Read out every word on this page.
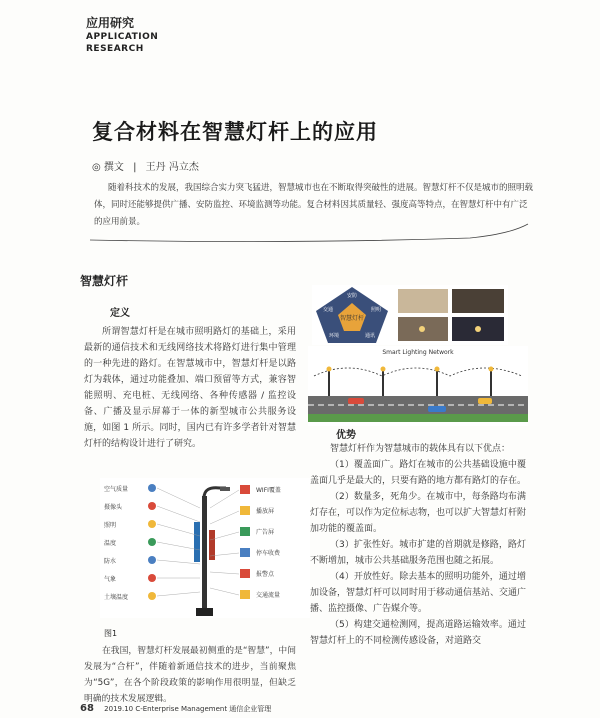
应用研究
APPLICATION
RESEARCH
复合材料在智慧灯杆上的应用
◎ 撰文 | 王丹 冯立杰
随着科技术的发展，我国综合实力突飞猛进，智慧城市也在不断取得突破性的进展。智慧灯杆不仅是城市的照明载体，同时还能够提供广播、安防监控、环境监测等功能。复合材料因其质量轻、强度高等特点，在智慧灯杆中有广泛的应用前景。
智慧灯杆
定义
所谓智慧灯杆是在城市照明路灯的基础上，采用最新的通信技术和无线网络技术将路灯进行集中管理的一种先进的路灯。在智慧城市中，智慧灯杆是以路灯为载体，通过功能叠加、端口预留等方式，兼容智能照明、充电桩、无线网络、各种传感器 / 监控设备、广播及显示屏幕于一体的新型城市公共服务设施，如图 1 所示。同时，国内已有许多学者针对智慧灯杆的结构设计进行了研究。
空气质量
摄像头
照明
温度
防水
气象
土壤温度
WIFI覆盖
播放屏
广告屏
停车收费
报警点
交通流量
图1
在我国，智慧灯杆发展最初侧重的是“智慧”，中间发展为“合杆”，伴随着新通信技术的进步，当前聚焦为“5G”，在各个阶段政策的影响作用很明显，但缺乏明确的技术发展逻辑。
智慧灯杆
安防
照明
通讯
环境
交通
Smart Lighting Network
优势

智慧灯杆作为智慧城市的载体具有以下优点：

（1）覆盖面广。路灯在城市的公共基础设施中覆盖面几乎是最大的，只要有路的地方都有路灯的存在。

（2）数量多，死角少。在城市中，每条路均布满灯存在，可以作为定位标志物，也可以扩大智慧灯杆附加功能的覆盖面。

（3）扩张性好。城市扩建的首期就是修路，路灯不断增加，城市公共基础服务范围也随之拓展。

（4）开放性好。除去基本的照明功能外，通过增加设备，智慧灯杆可以同时用于移动通信基站、交通广播、监控摄像、广告媒介等。

（5）构建交通检测网，提高道路运输效率。通过智慧灯杆上的不同检测传感设备，对道路交

68 2019.10 C-Enterprise Management 通信企业管理
